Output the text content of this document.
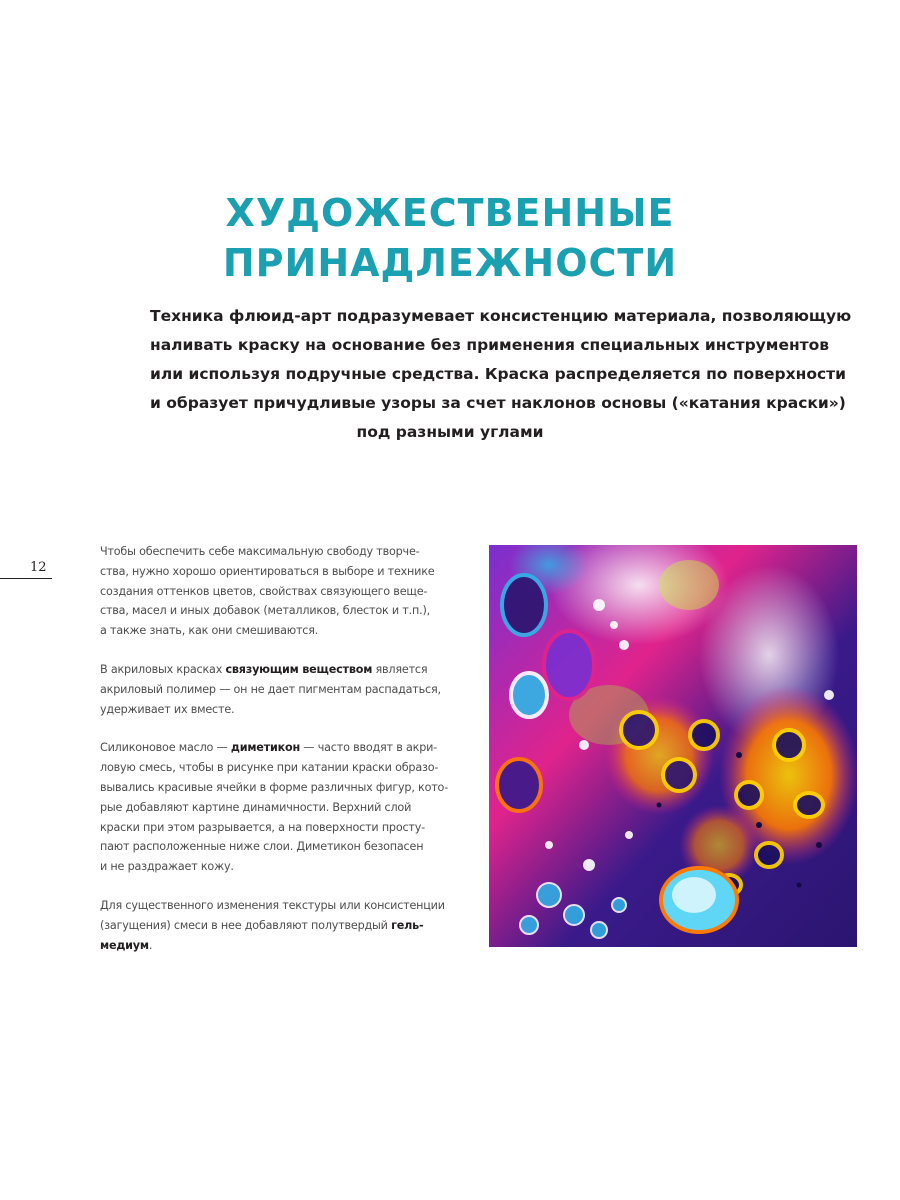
ХУДОЖЕСТВЕННЫЕ
ПРИНАДЛЕЖНОСТИ
Техника флюид-арт подразумевает консистенцию материала, позволяющую
наливать краску на основание без применения специальных инструментов
или используя подручные средства. Краска распределяется по поверхности
и образует причудливые узоры за счет наклонов основы («катания краски»)
под разными углами
12

Чтобы обеспечить себе максимальную свободу творче-
ства, нужно хорошо ориентироваться в выборе и технике
создания оттенков цветов, свойствах связующего веще-
ства, масел и иных добавок (металликов, блесток и т.п.),
а также знать, как они смешиваются.

В акриловых красках связующим веществом является
акриловый полимер — он не дает пигментам распадаться,
удерживает их вместе.

Силиконовое масло — диметикон — часто вводят в акри-
ловую смесь, чтобы в рисунке при катании краски образо-
вывались красивые ячейки в форме различных фигур, кото-
рые добавляют картине динамичности. Верхний слой
краски при этом разрывается, а на поверхности просту-
пают расположенные ниже слои. Диметикон безопасен
и не раздражает кожу.

Для существенного изменения текстуры или консистенции
(загущения) смеси в нее добавляют полутвердый гель-
медиум.
